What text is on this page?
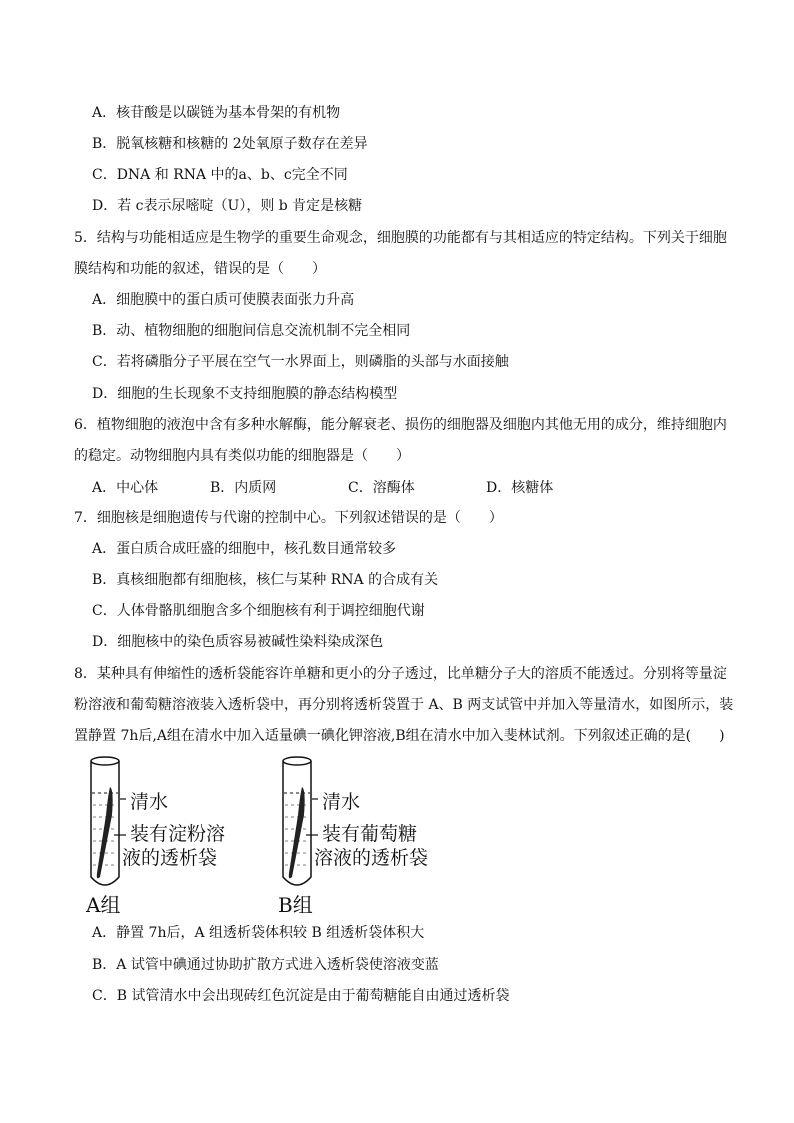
A．核苷酸是以碳链为基本骨架的有机物
B．脱氧核糖和核糖的 2处氧原子数存在差异
C．DNA 和 RNA 中的a、b、c完全不同
D．若 c表示尿嘧啶（U），则 b 肯定是核糖
5．结构与功能相适应是生物学的重要生命观念，细胞膜的功能都有与其相适应的特定结构。下列关于细胞
膜结构和功能的叙述，错误的是（　　）
A．细胞膜中的蛋白质可使膜表面张力升高
B．动、植物细胞的细胞间信息交流机制不完全相同
C．若将磷脂分子平展在空气一水界面上，则磷脂的头部与水面接触
D．细胞的生长现象不支持细胞膜的静态结构模型
6．植物细胞的液泡中含有多种水解酶，能分解衰老、损伤的细胞器及细胞内其他无用的成分，维持细胞内
的稳定。动物细胞内具有类似功能的细胞器是（　　）
A．中心体	B．内质网	C．溶酶体	D．核糖体
7．细胞核是细胞遗传与代谢的控制中心。下列叙述错误的是（　　）
A．蛋白质合成旺盛的细胞中，核孔数目通常较多
B．真核细胞都有细胞核，核仁与某种 RNA 的合成有关
C．人体骨骼肌细胞含多个细胞核有利于调控细胞代谢
D．细胞核中的染色质容易被碱性染料染成深色
8．某种具有伸缩性的透析袋能容许单糖和更小的分子透过，比单糖分子大的溶质不能透过。分别将等量淀
粉溶液和葡萄糖溶液装入透析袋中，再分别将透析袋置于 A、B 两支试管中并加入等量清水，如图所示，装
置静置 7h后,A组在清水中加入适量碘一碘化钾溶液,B组在清水中加入斐林试剂。下列叙述正确的是(　　)
清水
装有淀粉溶
液的透析袋
A组
清水
装有葡萄糖
溶液的透析袋
B组
A．静置 7h后，A 组透析袋体积较 B 组透析袋体积大
B．A 试管中碘通过协助扩散方式进入透析袋使溶液变蓝
C．B 试管清水中会出现砖红色沉淀是由于葡萄糖能自由通过透析袋
